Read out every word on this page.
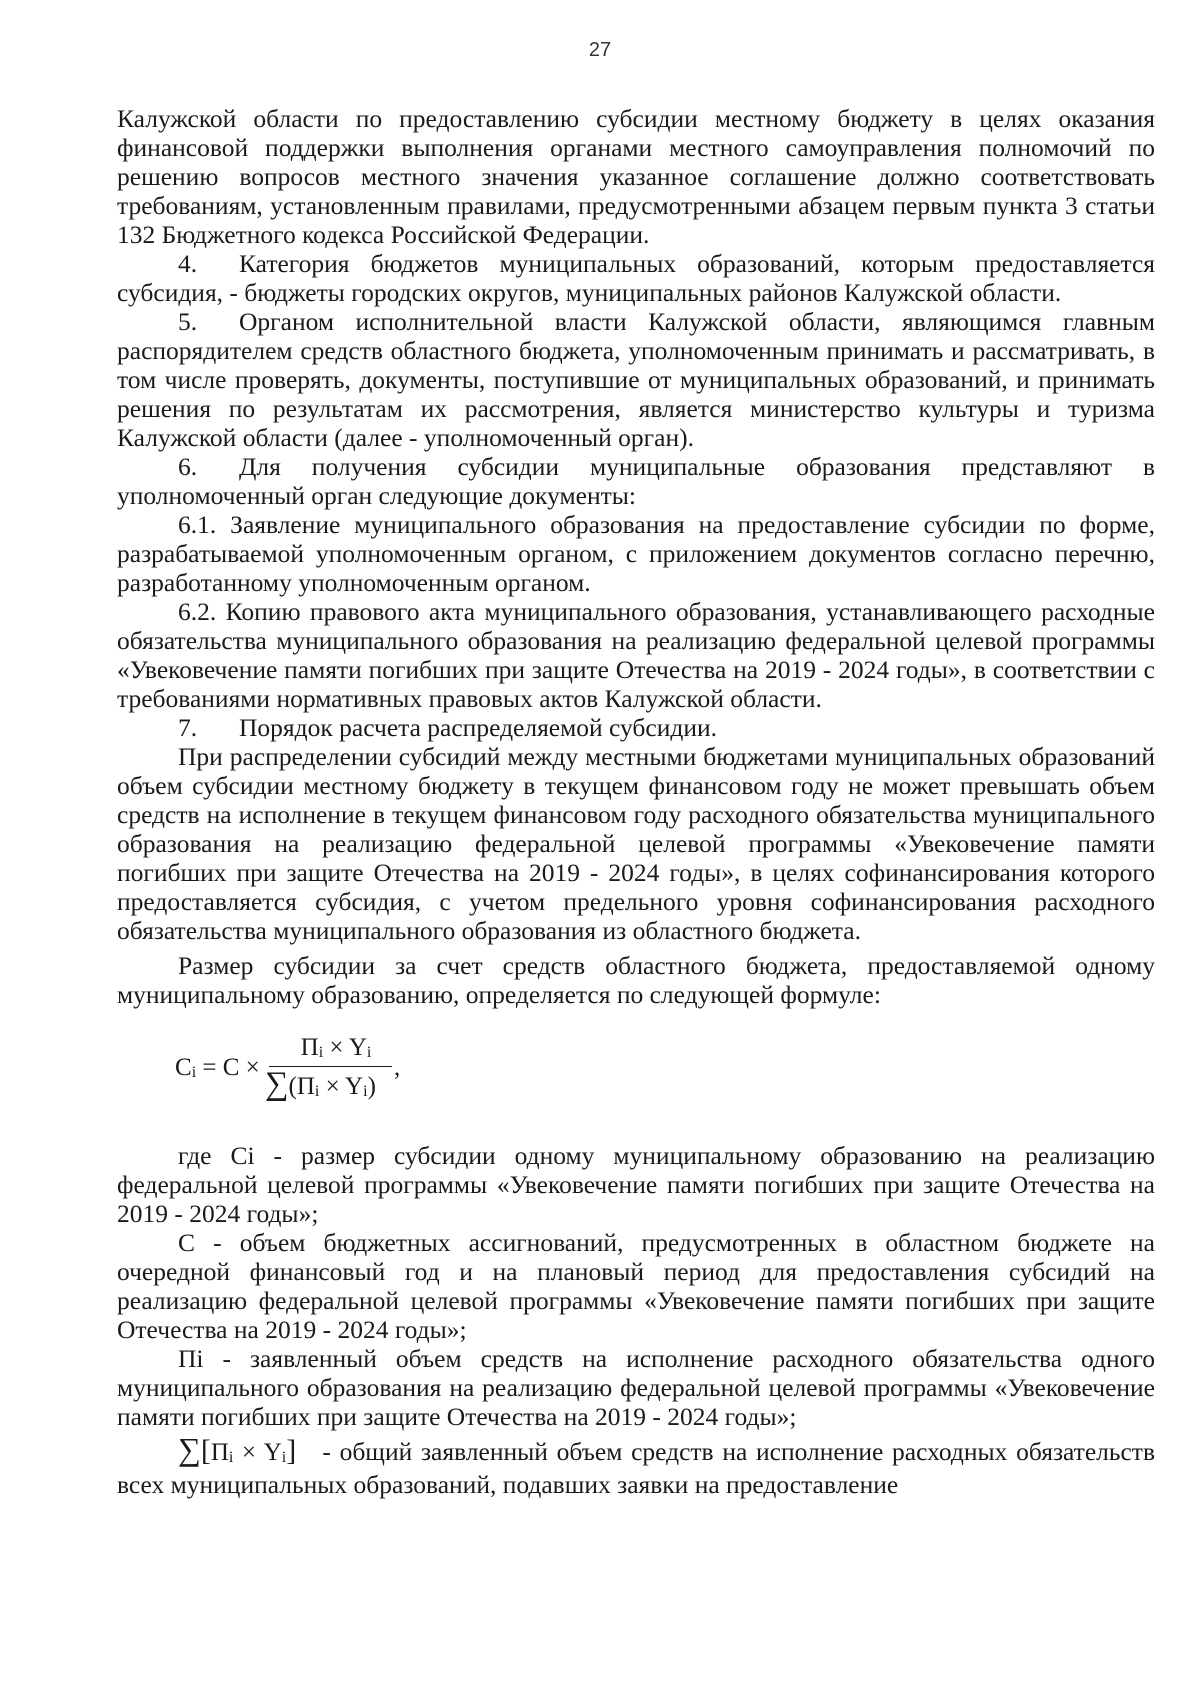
27

Калужской области по предоставлению субсидии местному бюджету в целях оказания финансовой поддержки выполнения органами местного самоуправления полномочий по решению вопросов местного значения указанное соглашение должно соответствовать требованиям, установленным правилами, предусмотренными абзацем первым пункта 3 статьи 132 Бюджетного кодекса Российской Федерации.

4. Категория бюджетов муниципальных образований, которым предоставляется субсидия, - бюджеты городских округов, муниципальных районов Калужской области.

5. Органом исполнительной власти Калужской области, являющимся главным распорядителем средств областного бюджета, уполномоченным принимать и рассматривать, в том числе проверять, документы, поступившие от муниципальных образований, и принимать решения по результатам их рассмотрения, является министерство культуры и туризма Калужской области (далее - уполномоченный орган).

6. Для получения субсидии муниципальные образования представляют в уполномоченный орган следующие документы:

6.1. Заявление муниципального образования на предоставление субсидии по форме, разрабатываемой уполномоченным органом, с приложением документов согласно перечню, разработанному уполномоченным органом.

6.2. Копию правового акта муниципального образования, устанавливающего расходные обязательства муниципального образования на реализацию федеральной целевой программы «Увековечение памяти погибших при защите Отечества на 2019 - 2024 годы», в соответствии с требованиями нормативных правовых актов Калужской области.

7. Порядок расчета распределяемой субсидии.

При распределении субсидий между местными бюджетами муниципальных образований объем субсидии местному бюджету в текущем финансовом году не может превышать объем средств на исполнение в текущем финансовом году расходного обязательства муниципального образования на реализацию федеральной целевой программы «Увековечение памяти погибших при защите Отечества на 2019 - 2024 годы», в целях софинансирования которого предоставляется субсидия, с учетом предельного уровня софинансирования расходного обязательства муниципального образования из областного бюджета.

Размер субсидии за счет средств областного бюджета, предоставляемой одному муниципальному образованию, определяется по следующей формуле:

Ci = C ×
Пi × Yi
∑(Пi × Yi)
,

где Ci - размер субсидии одному муниципальному образованию на реализацию федеральной целевой программы «Увековечение памяти погибших при защите Отечества на 2019 - 2024 годы»;

С - объем бюджетных ассигнований, предусмотренных в областном бюджете на очередной финансовый год и на плановый период для предоставления субсидий на реализацию федеральной целевой программы «Увековечение памяти погибших при защите Отечества на 2019 - 2024 годы»;

Пi - заявленный объем средств на исполнение расходного обязательства одного муниципального образования на реализацию федеральной целевой программы «Увековечение памяти погибших при защите Отечества на 2019 - 2024 годы»;

∑[Пi × Yi] - общий заявленный объем средств на исполнение расходных обязательств всех муниципальных образований, подавших заявки на предоставление
